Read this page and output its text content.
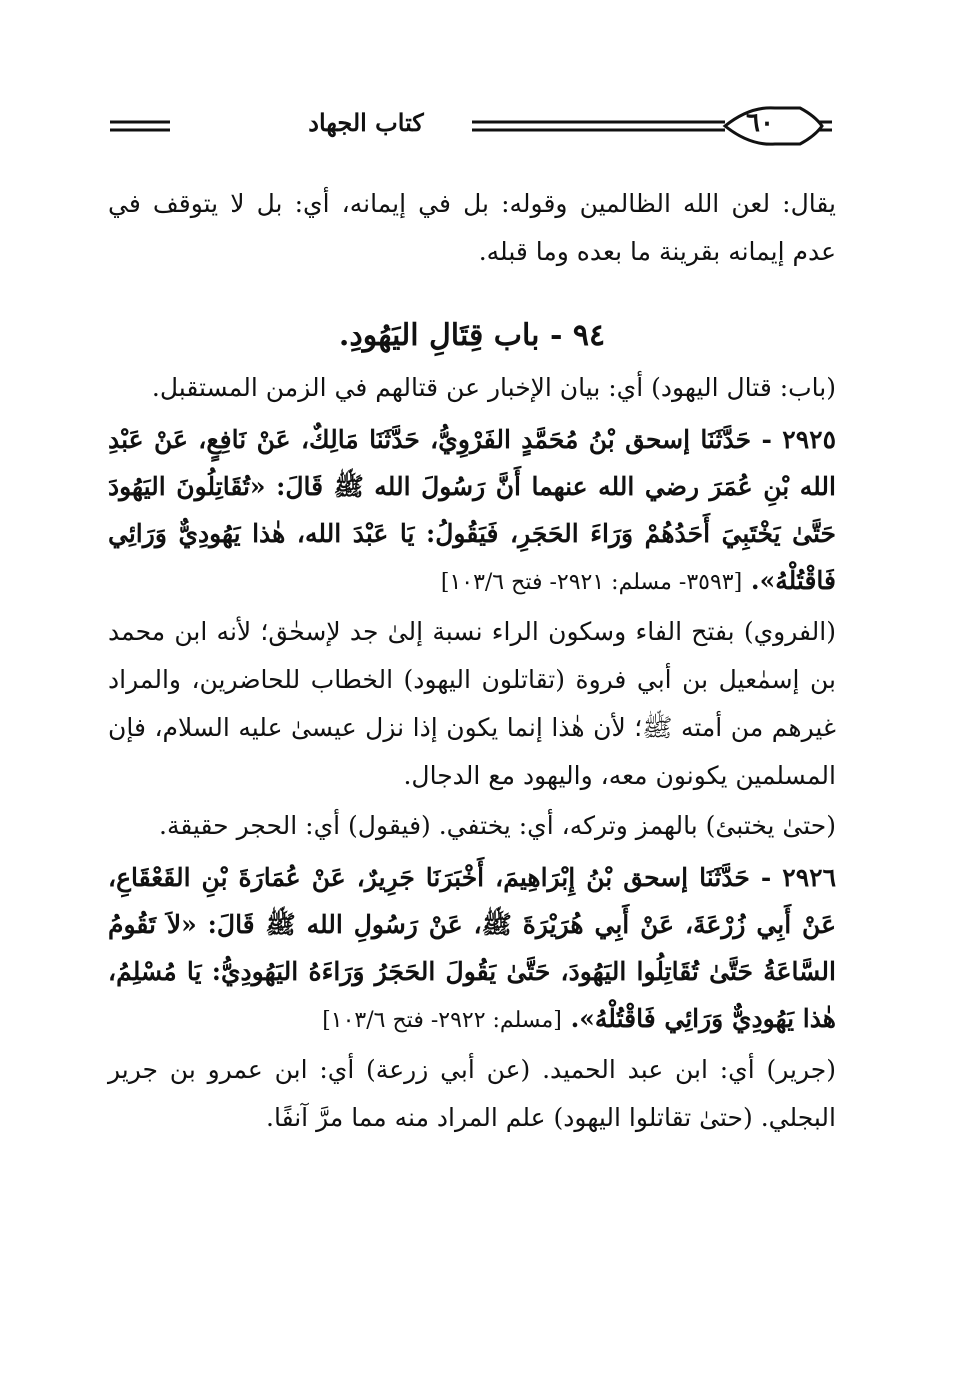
٦٠
كتاب الجهاد

يقال: لعن الله الظالمين وقوله: بل في إيمانه، أي: بل لا يتوقف في عدم إيمانه بقرينة ما بعده وما قبله.

٩٤ - باب قِتَالِ اليَهُودِ.

(باب: قتال اليهود) أي: بيان الإخبار عن قتالهم في الزمن المستقبل.

٢٩٢٥ - حَدَّثَنَا إسحق بْنُ مُحَمَّدٍ الفَرْوِيُّ، حَدَّثَنَا مَالِكٌ، عَنْ نَافِعٍ، عَنْ عَبْدِ الله بْنِ عُمَرَ رضي الله عنهما أَنَّ رَسُولَ الله ﷺ قَالَ: «تُقَاتِلُونَ اليَهُودَ حَتَّىٰ يَخْتَبِيَ أَحَدُهُمْ وَرَاءَ الحَجَرِ، فَيَقُولُ: يَا عَبْدَ الله، هٰذا يَهُودِيٌّ وَرَائِي فَاقْتُلْهُ». [٣٥٩٣- مسلم: ٢٩٢١- فتح ١٠٣/٦]

(الفروي) بفتح الفاء وسكون الراء نسبة إلىٰ جد لإسحٰق؛ لأنه ابن محمد بن إسمٰعيل بن أبي فروة (تقاتلون اليهود) الخطاب للحاضرين، والمراد غيرهم من أمته ﷺ؛ لأن هٰذا إنما يكون إذا نزل عيسىٰ عليه السلام، فإن المسلمين يكونون معه، واليهود مع الدجال.

(حتىٰ يختبئ) بالهمز وتركه، أي: يختفي. (فيقول) أي: الحجر حقيقة.

٢٩٢٦ - حَدَّثَنَا إسحق بْنُ إِبْرَاهِيمَ، أَخْبَرَنَا جَرِيرٌ، عَنْ عُمَارَةَ بْنِ القَعْقَاعِ، عَنْ أَبِي زُرْعَةَ، عَنْ أَبِي هُرَيْرَةَ ﷺ، عَنْ رَسُولِ الله ﷺ قَالَ: «لاَ تَقُومُ السَّاعَةُ حَتَّىٰ تُقَاتِلُوا اليَهُودَ، حَتَّىٰ يَقُولَ الحَجَرُ وَرَاءَهُ اليَهُودِيُّ: يَا مُسْلِمُ، هٰذا يَهُودِيٌّ وَرَائِي فَاقْتُلْهُ». [مسلم: ٢٩٢٢- فتح ١٠٣/٦]

(جرير) أي: ابن عبد الحميد. (عن أبي زرعة) أي: ابن عمرو بن جرير البجلي. (حتىٰ تقاتلوا اليهود) علم المراد منه مما مرَّ آنفًا.
